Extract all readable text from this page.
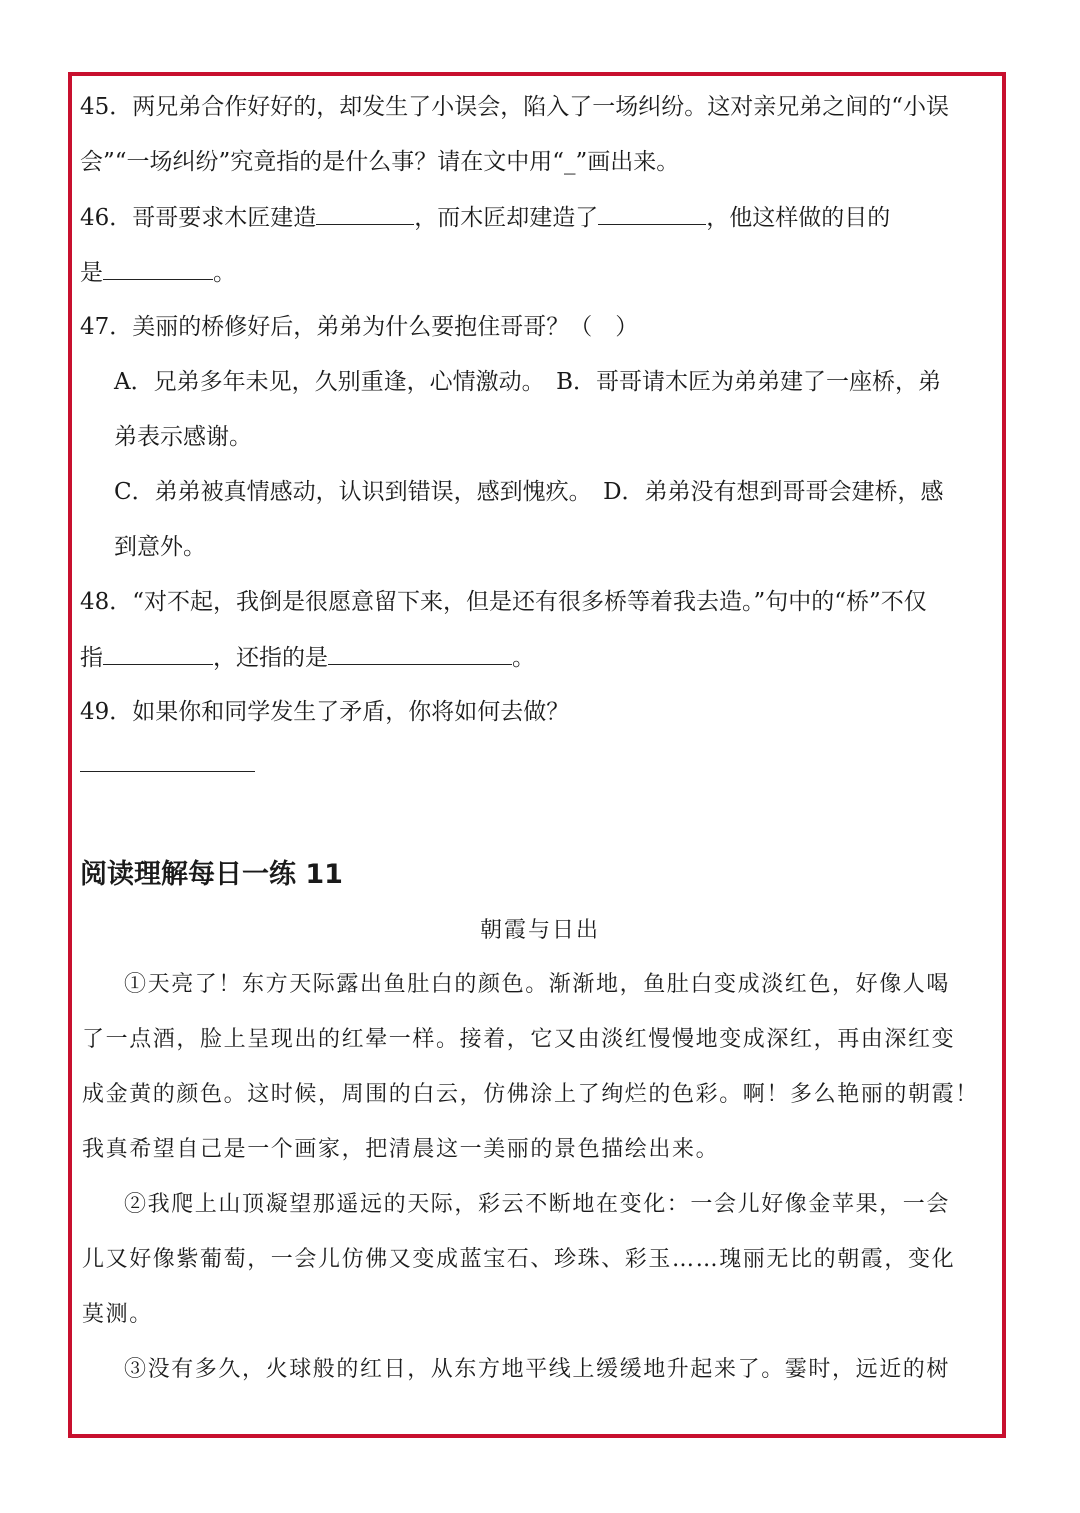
45．两兄弟合作好好的，却发生了小误会，陷入了一场纠纷。这对亲兄弟之间的“小误
会”“一场纠纷”究竟指的是什么事？请在文中用“_”画出来。
46．哥哥要求木匠建造	，而木匠却建造了	，他这样做的目的
是	。
47．美丽的桥修好后，弟弟为什么要抱住哥哥？（　）
A．兄弟多年未见，久别重逢，心情激动。　B．哥哥请木匠为弟弟建了一座桥，弟
弟表示感谢。
C．弟弟被真情感动，认识到错误，感到愧疚。　D．弟弟没有想到哥哥会建桥，感
到意外。
48．“对不起，我倒是很愿意留下来，但是还有很多桥等着我去造。”句中的“桥”不仅
指	，还指的是	。
49．如果你和同学发生了矛盾，你将如何去做？
阅读理解每日一练 11
朝霞与日出
①天亮了！东方天际露出鱼肚白的颜色。渐渐地，鱼肚白变成淡红色，好像人喝
了一点酒，脸上呈现出的红晕一样。接着，它又由淡红慢慢地变成深红，再由深红变
成金黄的颜色。这时候，周围的白云，仿佛涂上了绚烂的色彩。啊！多么艳丽的朝霞！
我真希望自己是一个画家，把清晨这一美丽的景色描绘出来。
②我爬上山顶凝望那遥远的天际，彩云不断地在变化：一会儿好像金苹果，一会
儿又好像紫葡萄，一会儿仿佛又变成蓝宝石、珍珠、彩玉……瑰丽无比的朝霞，变化
莫测。
③没有多久，火球般的红日，从东方地平线上缓缓地升起来了。霎时，远近的树
